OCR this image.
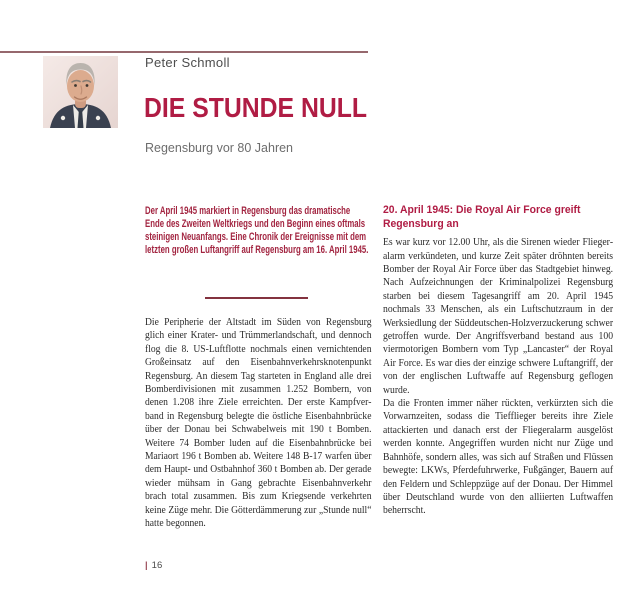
Peter Schmoll
DIE STUNDE NULL
Regensburg vor 80 Jahren
Der April 1945 markiert in Regensburg das dramatische Ende des Zweiten Weltkriegs und den Beginn eines oftmals steinigen Neuanfangs. Eine Chronik der Ereignisse mit dem letzten großen Luftangriff auf Regensburg am 16. April 1945.
Die Peripherie der Altstadt im Süden von Regensburg glich einer Krater- und Trümmerlandschaft, und dennoch flog die 8. US-Luftflotte nochmals einen vernichtenden Großeinsatz auf den Eisenbahnverkehrsknotenpunkt Regensburg. An diesem Tag starteten in England alle drei Bomberdivisionen mit zusammen 1.252 Bombern, von denen 1.208 ihre Ziele erreichten. Der erste Kampfverband in Regensburg belegte die östliche Eisenbahnbrücke über der Donau bei Schwabelweis mit 190 t Bomben. Weitere 74 Bomber luden auf die Eisenbahnbrücke bei Mariaort 196 t Bomben ab. Weitere 148 B-17 warfen über dem Haupt- und Ostbahnhof 360 t Bomben ab. Der gerade wieder mühsam in Gang gebrachte Eisenbahnverkehr brach total zusammen. Bis zum Kriegsende verkehrten keine Züge mehr. Die Götterdämmerung zur „Stunde null“ hatte begonnen.
20. April 1945: Die Royal Air Force greift Regensburg an

Es war kurz vor 12.00 Uhr, als die Sirenen wieder Fliegeralarm verkündeten, und kurze Zeit später dröhnten bereits Bomber der Royal Air Force über das Stadtgebiet hinweg. Nach Aufzeichnungen der Kriminalpolizei Regensburg starben bei diesem Tagesangriff am 20. April 1945 nochmals 33 Menschen, als ein Luftschutzraum in der Werksiedlung der Süddeutschen-Holzverzuckerung schwer getroffen wurde. Der Angriffsverband bestand aus 100 viermotorigen Bombern vom Typ „Lancaster“ der Royal Air Force. Es war dies der einzige schwere Luftangriff, der von der englischen Luftwaffe auf Regensburg geflogen wurde.

Da die Fronten immer näher rückten, verkürzten sich die Vorwarnzeiten, sodass die Tiefflieger bereits ihre Ziele attackierten und danach erst der Fliegeralarm ausgelöst werden konnte. Angegriffen wurden nicht nur Züge und Bahnhöfe, sondern alles, was sich auf Straßen und Flüssen bewegte: LKWs, Pferdefuhrwerke, Fußgänger, Bauern auf den Feldern und Schleppzüge auf der Donau. Der Himmel über Deutschland wurde von den alliierten Luftwaffen beherrscht.

| 16
